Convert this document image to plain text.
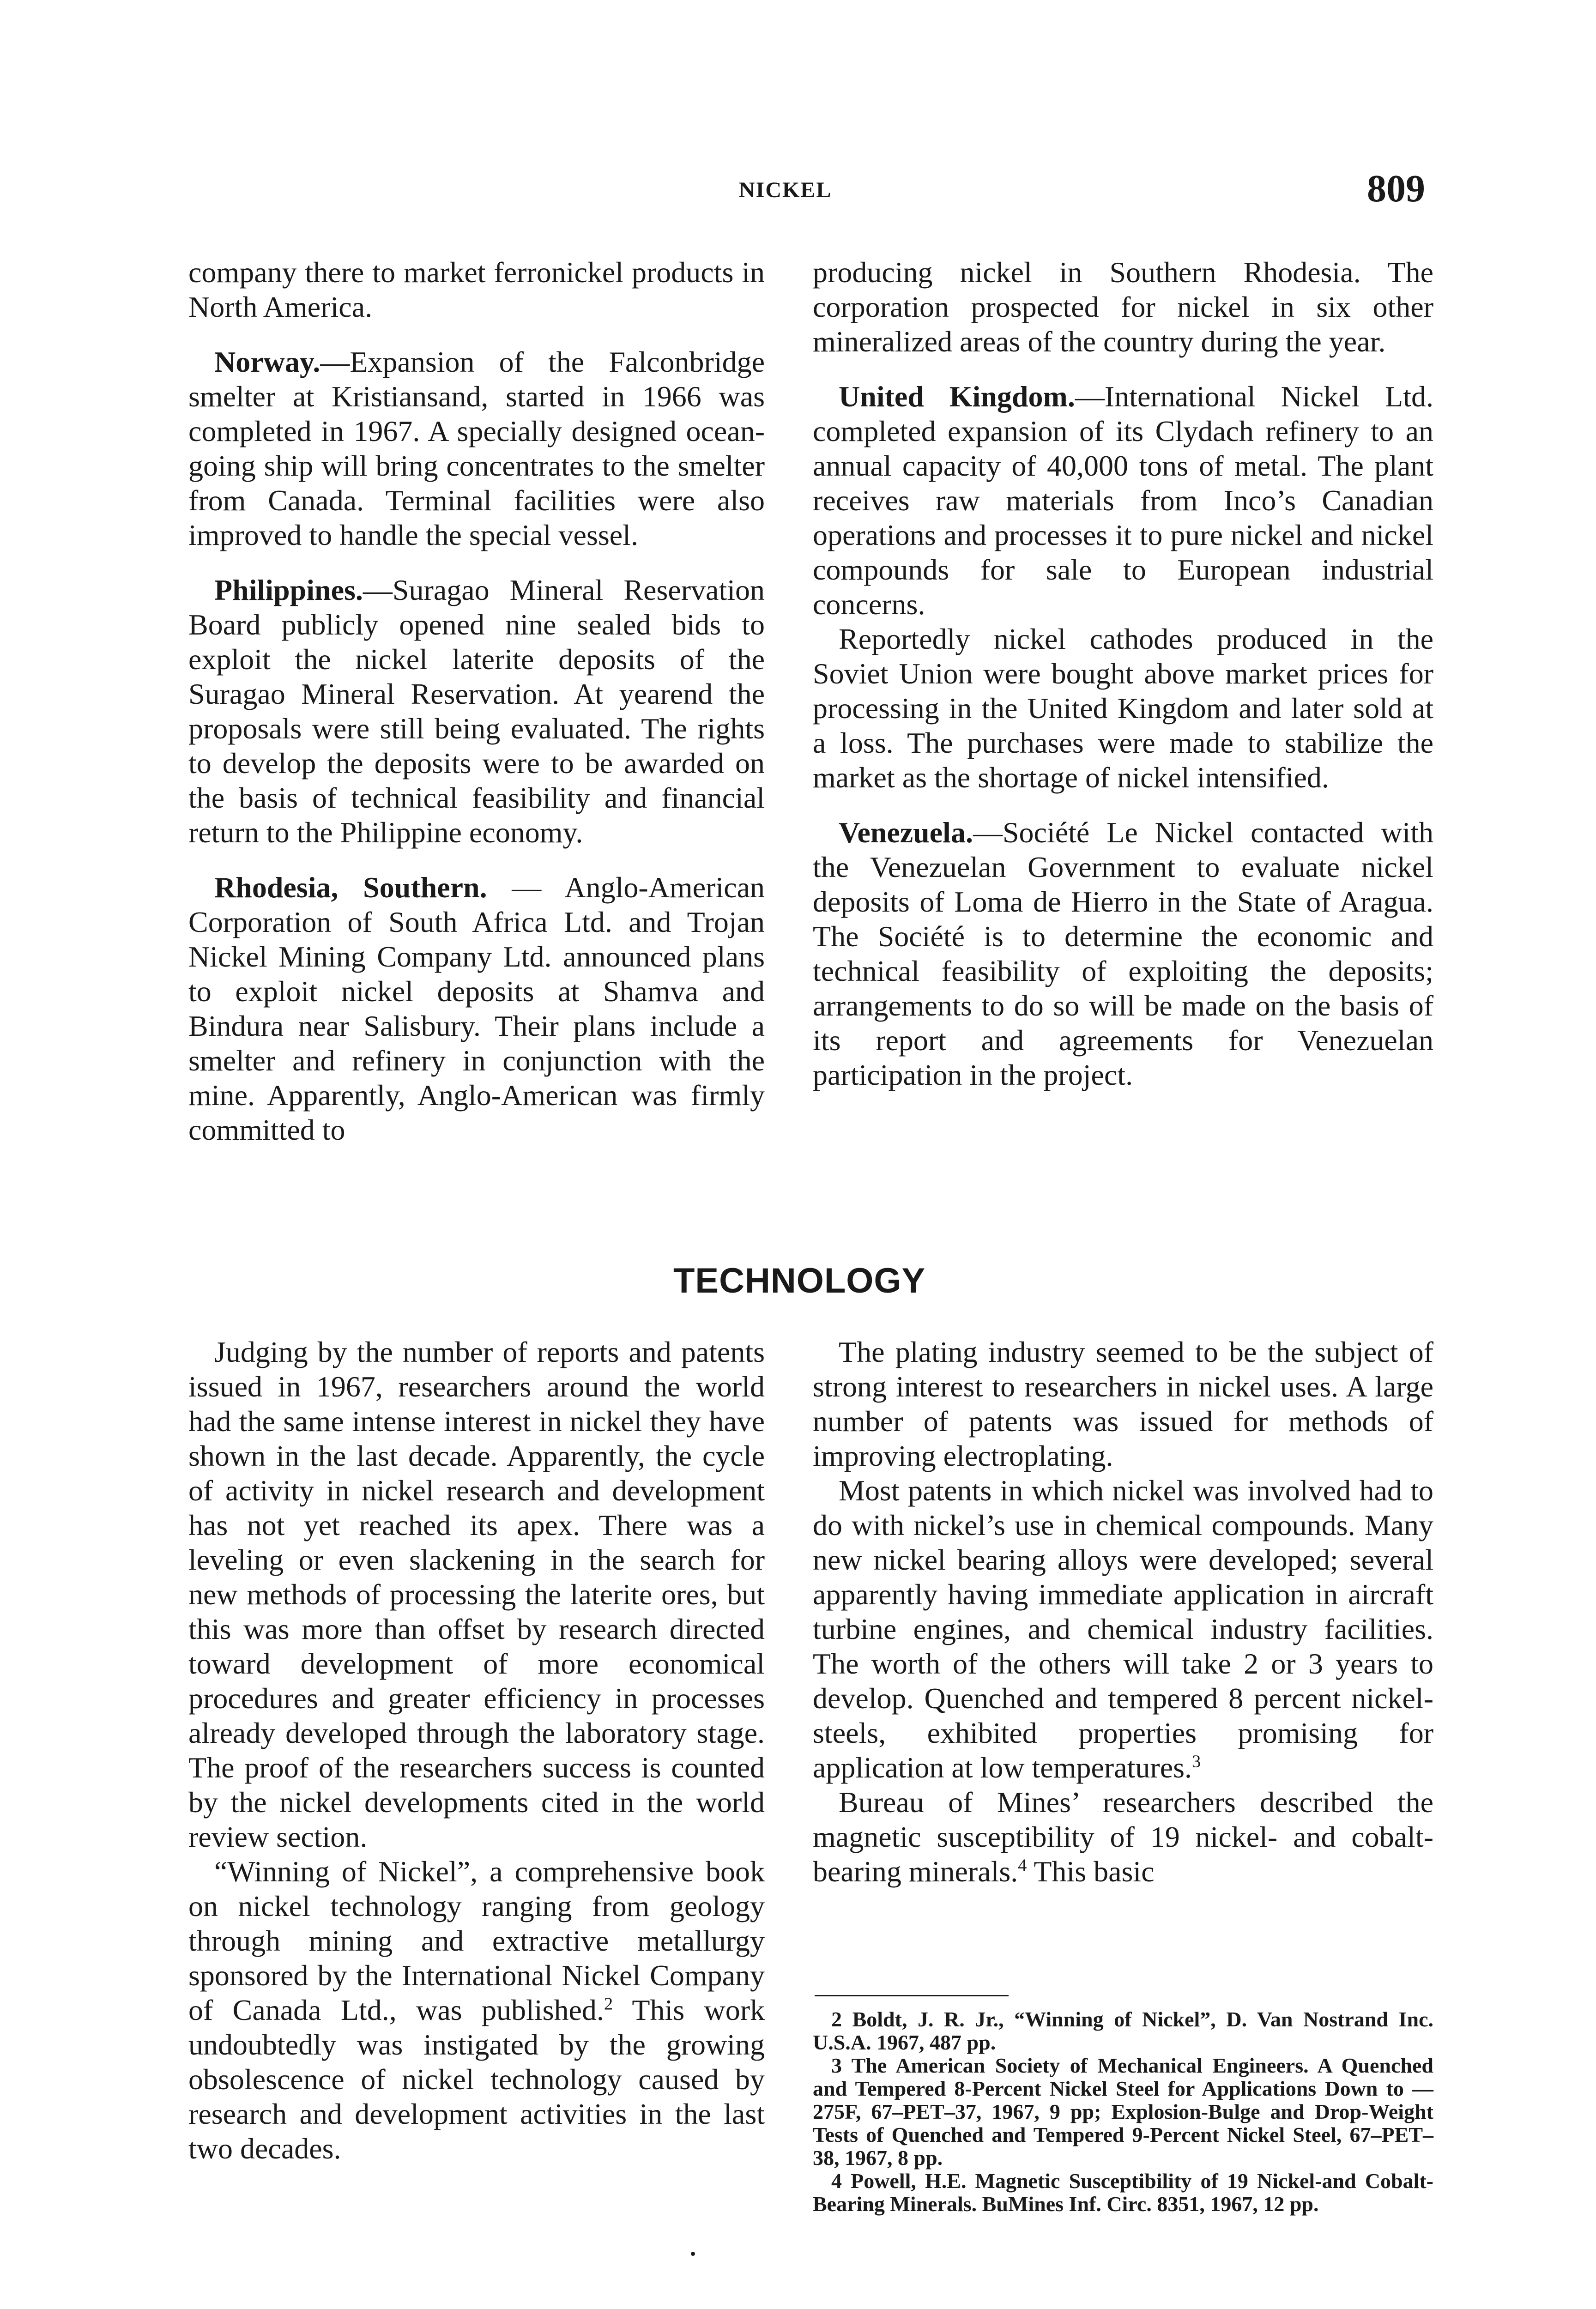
NICKEL	809

company there to market ferronickel products in North America.

Norway.—Expansion of the Falconbridge smelter at Kristiansand, started in 1966 was completed in 1967. A specially designed ocean-going ship will bring concentrates to the smelter from Canada. Terminal facilities were also improved to handle the special vessel.

Philippines.—Suragao Mineral Reservation Board publicly opened nine sealed bids to exploit the nickel laterite deposits of the Suragao Mineral Reservation. At yearend the proposals were still being evaluated. The rights to develop the deposits were to be awarded on the basis of technical feasibility and financial return to the Philippine economy.

Rhodesia, Southern. — Anglo-American Corporation of South Africa Ltd. and Trojan Nickel Mining Company Ltd. announced plans to exploit nickel deposits at Shamva and Bindura near Salisbury. Their plans include a smelter and refinery in conjunction with the mine. Apparently, Anglo-American was firmly committed to

producing nickel in Southern Rhodesia. The corporation prospected for nickel in six other mineralized areas of the country during the year.

United Kingdom.—International Nickel Ltd. completed expansion of its Clydach refinery to an annual capacity of 40,000 tons of metal. The plant receives raw materials from Inco’s Canadian operations and processes it to pure nickel and nickel compounds for sale to European industrial concerns.

Reportedly nickel cathodes produced in the Soviet Union were bought above market prices for processing in the United Kingdom and later sold at a loss. The purchases were made to stabilize the market as the shortage of nickel intensified.

Venezuela.—Société Le Nickel contacted with the Venezuelan Government to evaluate nickel deposits of Loma de Hierro in the State of Aragua. The Société is to determine the economic and technical feasibility of exploiting the deposits; arrangements to do so will be made on the basis of its report and agreements for Venezuelan participation in the project.

TECHNOLOGY

Judging by the number of reports and patents issued in 1967, researchers around the world had the same intense interest in nickel they have shown in the last decade. Apparently, the cycle of activity in nickel research and development has not yet reached its apex. There was a leveling or even slackening in the search for new methods of processing the laterite ores, but this was more than offset by research directed toward development of more economical procedures and greater efficiency in processes already developed through the laboratory stage. The proof of the researchers success is counted by the nickel developments cited in the world review section.

“Winning of Nickel”, a comprehensive book on nickel technology ranging from geology through mining and extractive metallurgy sponsored by the International Nickel Company of Canada Ltd., was published.$^2$ This work undoubtedly was instigated by the growing obsolescence of nickel technology caused by research and development activities in the last two decades.

The plating industry seemed to be the subject of strong interest to researchers in nickel uses. A large number of patents was issued for methods of improving electroplating.

Most patents in which nickel was involved had to do with nickel’s use in chemical compounds. Many new nickel bearing alloys were developed; several apparently having immediate application in aircraft turbine engines, and chemical industry facilities. The worth of the others will take 2 or 3 years to develop. Quenched and tempered 8 percent nickel-steels, exhibited properties promising for application at low temperatures.$^3$

Bureau of Mines’ researchers described the magnetic susceptibility of 19 nickel- and cobalt-bearing minerals.$^4$ This basic

2 Boldt, J. R. Jr., “Winning of Nickel”, D. Van Nostrand Inc. U.S.A. 1967, 487 pp.

3 The American Society of Mechanical Engineers. A Quenched and Tempered 8-Percent Nickel Steel for Applications Down to —275F, 67–PET–37, 1967, 9 pp; Explosion-Bulge and Drop-Weight Tests of Quenched and Tempered 9-Percent Nickel Steel, 67–PET–38, 1967, 8 pp.

4 Powell, H.E. Magnetic Susceptibility of 19 Nickel-and Cobalt-Bearing Minerals. BuMines Inf. Circ. 8351, 1967, 12 pp.
